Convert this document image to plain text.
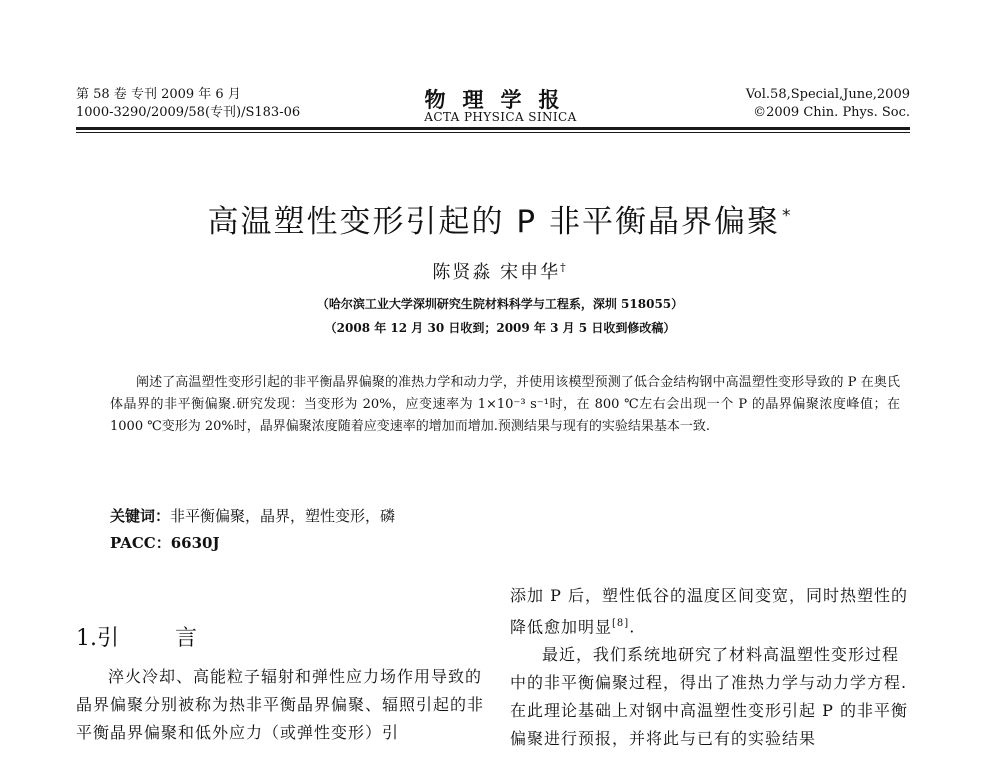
第 58 卷 专刊 2009 年 6 月
1000-3290/2009/58(专刊)/S183-06
物理学报
ACTA PHYSICA SINICA
Vol.58,Special,June,2009
©2009 Chin. Phys. Soc.
高温塑性变形引起的 P 非平衡晶界偏聚 *
陈贤淼 宋申华†
（哈尔滨工业大学深圳研究生院材料科学与工程系，深圳 518055）
（2008 年 12 月 30 日收到；2009 年 3 月 5 日收到修改稿）
阐述了高温塑性变形引起的非平衡晶界偏聚的准热力学和动力学，并使用该模型预测了低合金结构钢中高温塑性变形导致的 P 在奥氏体晶界的非平衡偏聚.研究发现：当变形为 20%，应变速率为 1×10⁻³ s⁻¹时，在 800 ℃左右会出现一个 P 的晶界偏聚浓度峰值；在 1000 ℃变形为 20%时，晶界偏聚浓度随着应变速率的增加而增加.预测结果与现有的实验结果基本一致.
关键词：非平衡偏聚，晶界，塑性变形，磷
PACC：6630J
1.引	言

淬火冷却、高能粒子辐射和弹性应力场作用导致的晶界偏聚分别被称为热非平衡晶界偏聚、辐照引起的非平衡晶界偏聚和低外应力（或弹性变形）引

添加 P 后，塑性低谷的温度区间变宽，同时热塑性的降低愈加明显[8].

最近，我们系统地研究了材料高温塑性变形过程中的非平衡偏聚过程，得出了准热力学与动力学方程.在此理论基础上对钢中高温塑性变形引起 P 的非平衡偏聚进行预报，并将此与已有的实验结果
